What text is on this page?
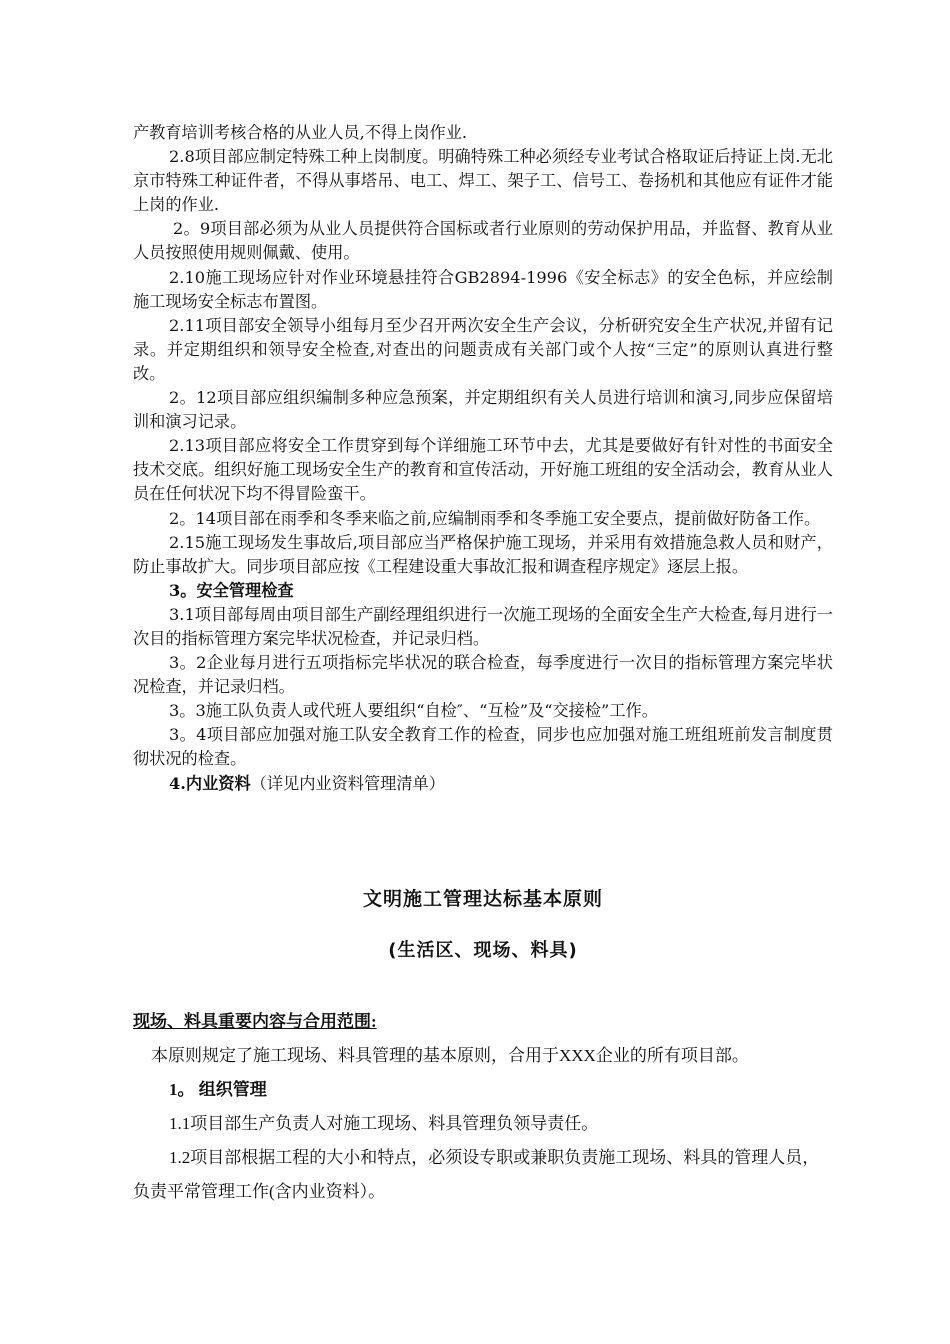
产教育培训考核合格的从业人员,不得上岗作业.

2.8项目部应制定特殊工种上岗制度。明确特殊工种必须经专业考试合格取证后持证上岗.无北京市特殊工种证件者，不得从事塔吊、电工、焊工、架子工、信号工、卷扬机和其他应有证件才能上岗的作业.

2。9项目部必须为从业人员提供符合国标或者行业原则的劳动保护用品，并监督、教育从业人员按照使用规则佩戴、使用。

2.10施工现场应针对作业环境悬挂符合GB2894-1996《安全标志》的安全色标，并应绘制施工现场安全标志布置图。

2.11项目部安全领导小组每月至少召开两次安全生产会议，分析研究安全生产状况,并留有记录。并定期组织和领导安全检查,对查出的问题责成有关部门或个人按“三定”的原则认真进行整改。

2。12项目部应组织编制多种应急预案，并定期组织有关人员进行培训和演习,同步应保留培训和演习记录。

2.13项目部应将安全工作贯穿到每个详细施工环节中去，尤其是要做好有针对性的书面安全技术交底。组织好施工现场安全生产的教育和宣传活动，开好施工班组的安全活动会，教育从业人员在任何状况下均不得冒险蛮干。

2。14项目部在雨季和冬季来临之前,应编制雨季和冬季施工安全要点，提前做好防备工作。

2.15施工现场发生事故后,项目部应当严格保护施工现场，并采用有效措施急救人员和财产，防止事故扩大。同步项目部应按《工程建设重大事故汇报和调查程序规定》逐层上报。

3。安全管理检查

3.1项目部每周由项目部生产副经理组织进行一次施工现场的全面安全生产大检查,每月进行一次目的指标管理方案完毕状况检查，并记录归档。

3。2企业每月进行五项指标完毕状况的联合检查，每季度进行一次目的指标管理方案完毕状况检查，并记录归档。

3。3施工队负责人或代班人要组织“自检″、“互检”及“交接检”工作。

3。4项目部应加强对施工队安全教育工作的检查，同步也应加强对施工班组班前发言制度贯彻状况的检查。

4.内业资料（详见内业资料管理清单）

文明施工管理达标基本原则
(生活区、现场、料具)

现场、料具重要内容与合用范围:

本原则规定了施工现场、料具管理的基本原则，合用于XXX企业的所有项目部。

1。 组织管理

1.1项目部生产负责人对施工现场、料具管理负领导责任。

1.2项目部根据工程的大小和特点，必须设专职或兼职负责施工现场、料具的管理人员，负责平常管理工作(含内业资料）。
